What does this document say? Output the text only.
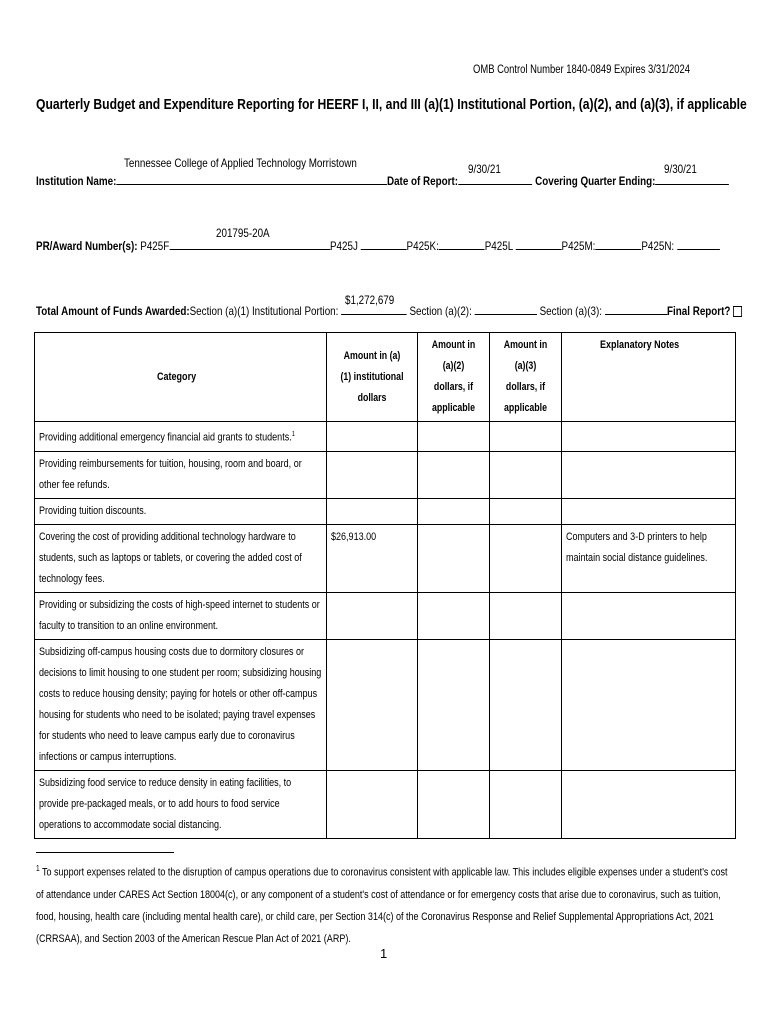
OMB Control Number 1840-0849 Expires 3/31/2024
Quarterly Budget and Expenditure Reporting for HEERF I, II, and III (a)(1) Institutional Portion, (a)(2), and (a)(3), if applicable
Tennessee College of Applied Technology Morristown	9/30/21	9/30/21
Institution Name:	Date of Report:	Covering Quarter Ending:
201795-20A
PR/Award Number(s): P425F	P425J	P425K:	P425L	P425M:	P425N:
$1,272,679
Total Amount of Funds Awarded:Section (a)(1) Institutional Portion:	Section (a)(2):	Section (a)(3):	Final Report?
Category	Amount in (a)(1) institutional dollars	Amount in (a)(2) dollars, if applicable	Amount in (a)(3) dollars, if applicable	Explanatory Notes

Providing additional emergency financial aid grants to students.$^1$

Providing reimbursements for tuition, housing, room and board, or other fee refunds.				

Providing tuition discounts.				

Covering the cost of providing additional technology hardware to students, such as laptops or tablets, or covering the added cost of technology fees.	$26,913.00			Computers and 3-D printers to help maintain social distance guidelines.

Providing or subsidizing the costs of high-speed internet to students or faculty to transition to an online environment.				

Subsidizing off-campus housing costs due to dormitory closures or decisions to limit housing to one student per room; subsidizing housing costs to reduce housing density; paying for hotels or other off-campus housing for students who need to be isolated; paying travel expenses for students who need to leave campus early due to coronavirus infections or campus interruptions.				

Subsidizing food service to reduce density in eating facilities, to provide pre-packaged meals, or to add hours to food service operations to accommodate social distancing.				

$^1$ To support expenses related to the disruption of campus operations due to coronavirus consistent with applicable law. This includes eligible expenses under a student's cost of attendance under CARES Act Section 18004(c), or any component of a student's cost of attendance or for emergency costs that arise due to coronavirus, such as tuition, food, housing, health care (including mental health care), or child care, per Section 314(c) of the Coronavirus Response and Relief Supplemental Appropriations Act, 2021 (CRRSAA), and Section 2003 of the American Rescue Plan Act of 2021 (ARP).
1
